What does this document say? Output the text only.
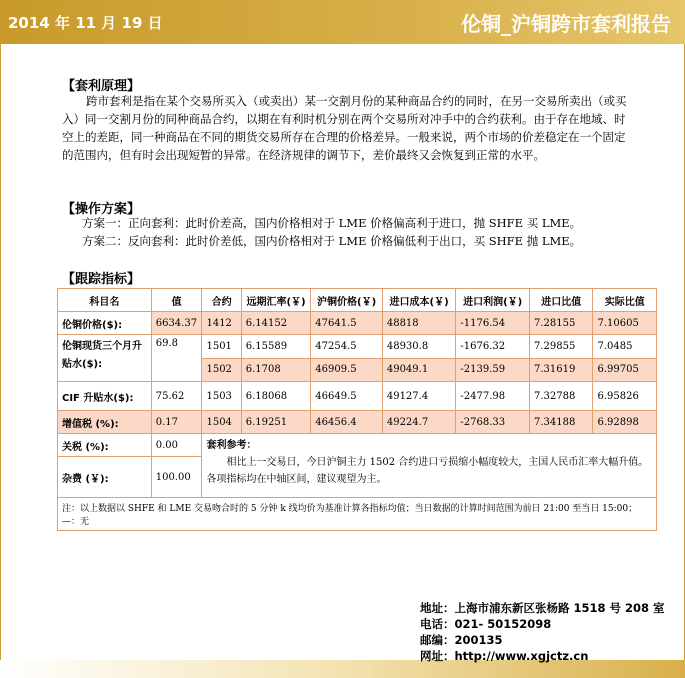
2014 年 11 月 19 日	伦铜_沪铜跨市套利报告
【套利原理】

跨市套利是指在某个交易所买入（或卖出）某一交割月份的某种商品合约的同时，在另一交易所卖出（或买入）同一交割月份的同种商品合约，以期在有利时机分别在两个交易所对冲手中的合约获利。由于存在地域、时空上的差距，同一种商品在不同的期货交易所存在合理的价格差异。一般来说，两个市场的价差稳定在一个固定的范围内，但有时会出现短暂的异常。在经济规律的调节下，差价最终又会恢复到正常的水平。

【操作方案】

方案一：正向套利：此时价差高，国内价格相对于 LME 价格偏高利于进口，抛 SHFE 买 LME。

方案二：反向套利：此时价差低，国内价格相对于 LME 价格偏低利于出口，买 SHFE 抛 LME。

【跟踪指标】
科目名	值	合约	远期汇率(￥)	沪铜价格(￥)	进口成本(￥)	进口利润(￥)	进口比值	实际比值
伦铜价格($):	6634.37	1412	6.14152	47641.5	48818	-1176.54	7.28155	7.10605
伦铜现货三个月升贴水($):	69.8	1501	6.15589	47254.5	48930.8	-1676.32	7.29855	7.0485
		1502	6.1708	46909.5	49049.1	-2139.59	7.31619	6.99705
CIF 升贴水($):	75.62	1503	6.18068	46649.5	49127.4	-2477.98	7.32788	6.95826
增值税 (%):	0.17	1504	6.19251	46456.4	49224.7	-2768.33	7.34188	6.92898
关税 (%):	0.00	套利参考：
相比上一交易日，今日沪铜主力 1502 合约进口亏损缩小幅度较大，主国人民币汇率大幅升值。各项指标均在中轴区间，建议观望为主。						

杂费 (￥):	100.00							
注：以上数据以 SHFE 和 LME 交易吻合时的 5 分钟 k 线均价为基准计算各指标均值；当日数据的计算时间范围为前日 21:00 至当日 15:00；—：无								
地址：上海市浦东新区张杨路 1518 号 208 室
电话：021- 50152098
邮编：200135
网址：http://www.xgjctz.cn
